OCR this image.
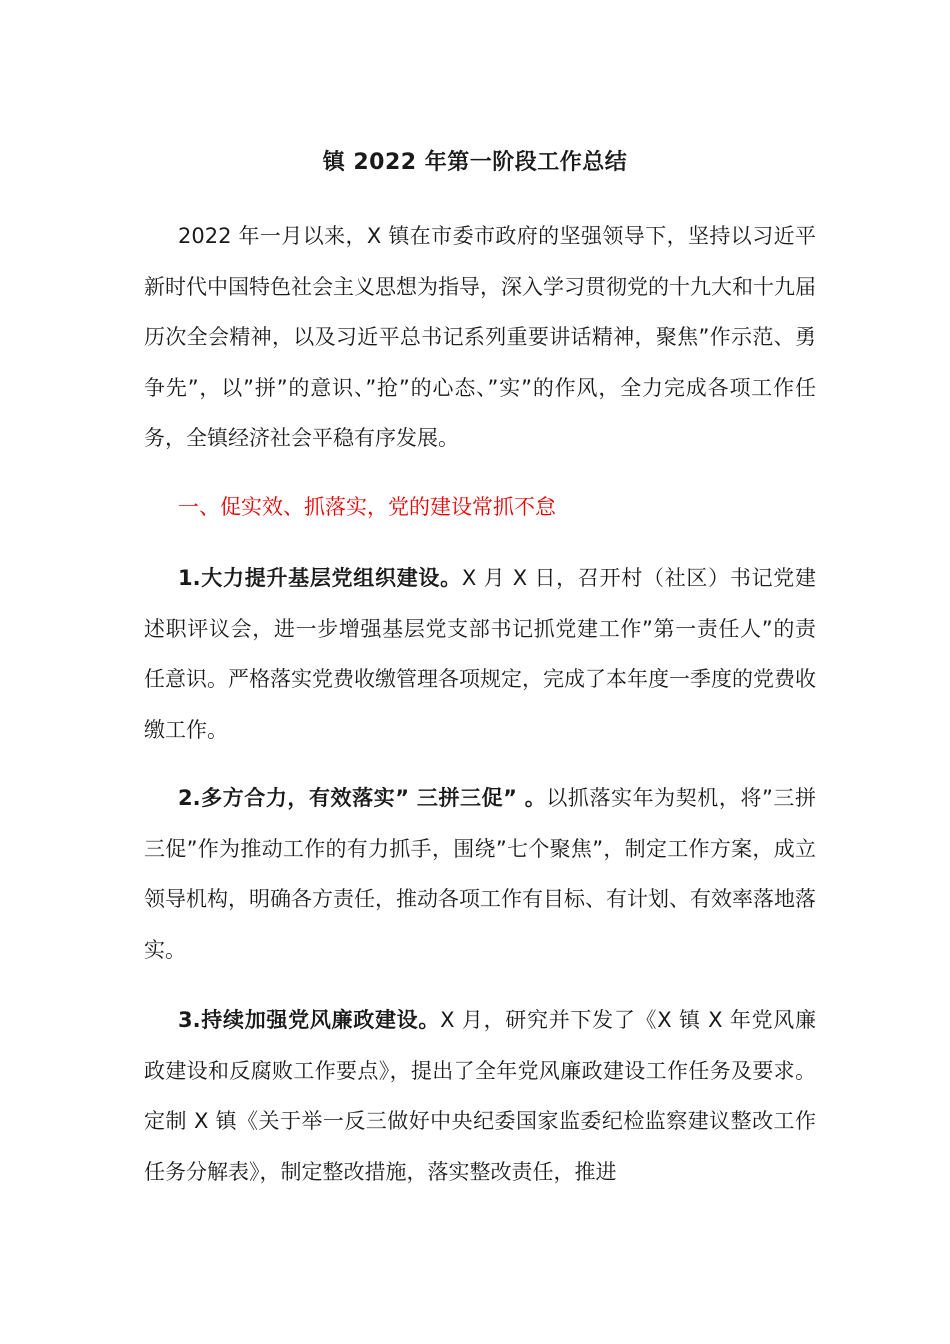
镇 2022 年第一阶段工作总结

2022 年一月以来，X 镇在市委市政府的坚强领导下，坚持以习近平新时代中国特色社会主义思想为指导，深入学习贯彻党的十九大和十九届历次全会精神，以及习近平总书记系列重要讲话精神，聚焦”作示范、勇争先”，以”拼”的意识、”抢”的心态、”实”的作风，全力完成各项工作任务，全镇经济社会平稳有序发展。

一、促实效、抓落实，党的建设常抓不怠

1.大力提升基层党组织建设。X 月 X 日，召开村（社区）书记党建述职评议会，进一步增强基层党支部书记抓党建工作”第一责任人”的责任意识。严格落实党费收缴管理各项规定，完成了本年度一季度的党费收缴工作。

2.多方合力，有效落实” 三拼三促” 。以抓落实年为契机，将”三拼三促”作为推动工作的有力抓手，围绕”七个聚焦”，制定工作方案，成立领导机构，明确各方责任，推动各项工作有目标、有计划、有效率落地落实。

3.持续加强党风廉政建设。X 月，研究并下发了《X 镇 X 年党风廉政建设和反腐败工作要点》，提出了全年党风廉政建设工作任务及要求。定制 X 镇《关于举一反三做好中央纪委国家监委纪检监察建议整改工作任务分解表》，制定整改措施，落实整改责任，推进
